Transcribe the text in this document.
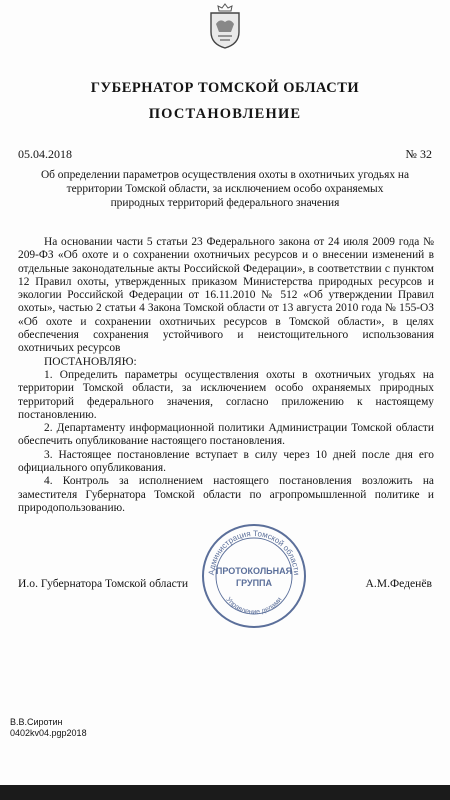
ГУБЕРНАТОР ТОМСКОЙ ОБЛАСТИ
ПОСТАНОВЛЕНИЕ
05.04.2018	№ 32
Об определении параметров осуществления охоты в охотничьих угодьях на территории Томской области, за исключением особо охраняемых природных территорий федерального значения

На основании части 5 статьи 23 Федерального закона от 24 июля 2009 года № 209-ФЗ «Об охоте и о сохранении охотничьих ресурсов и о внесении изменений в отдельные законодательные акты Российской Федерации», в соответствии с пунктом 12 Правил охоты, утвержденных приказом Министерства природных ресурсов и экологии Российской Федерации от 16.11.2010 № 512 «Об утверждении Правил охоты», частью 2 статьи 4 Закона Томской области от 13 августа 2010 года № 155-ОЗ «Об охоте и сохранении охотничьих ресурсов в Томской области», в целях обеспечения сохранения устойчивого и неистощительного использования охотничьих ресурсов

ПОСТАНОВЛЯЮ:

1. Определить параметры осуществления охоты в охотничьих угодьях на территории Томской области, за исключением особо охраняемых природных территорий федерального значения, согласно приложению к настоящему постановлению.

2. Департаменту информационной политики Администрации Томской области обеспечить опубликование настоящего постановления.

3. Настоящее постановление вступает в силу через 10 дней после дня его официального опубликования.

4. Контроль за исполнением настоящего постановления возложить на заместителя Губернатора Томской области по агропромышленной политике и природопользованию.

Администрация Томской области
Управление делами
ПРОТОКОЛЬНАЯ
ГРУППА
И.о. Губернатора Томской области	А.М.Феденёв
В.В.Сиротин
0402kv04.pgp2018
